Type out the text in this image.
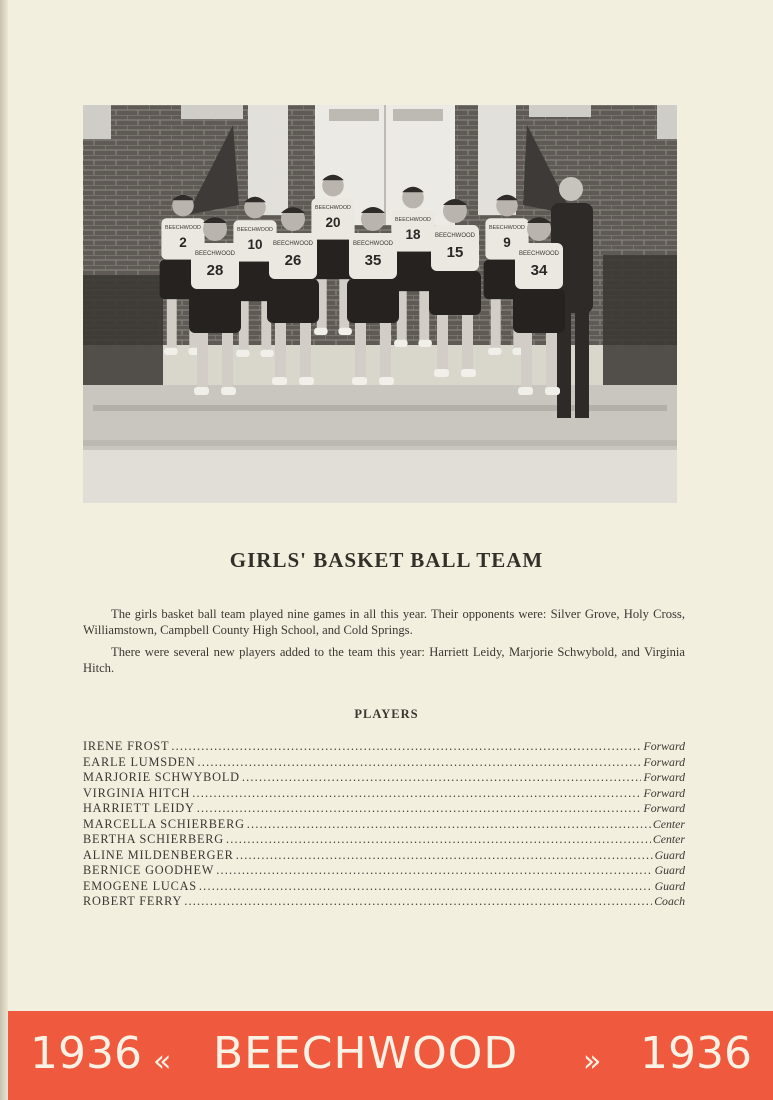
BEECHWOOD
2
BEECHWOOD
10
BEECHWOOD
20	BEECHWOOD
18	BEECHWOOD
9
BEECHWOOD
28
BEECHWOOD
26
BEECHWOOD
35
BEECHWOOD
15	BEECHWOOD
34
GIRLS' BASKET BALL TEAM

The girls basket ball team played nine games in all this year. Their opponents were: Silver Grove, Holy Cross, Williamstown, Campbell County High School, and Cold Springs.

There were several new players added to the team this year: Harriett Leidy, Marjorie Schwybold, and Virginia Hitch.

PLAYERS
IRENE FROST .....	Forward
EARLE LUMSDEN .....	Forward
MARJORIE SCHWYBOLD .....	Forward
VIRGINIA HITCH .....	Forward
HARRIETT LEIDY .....	Forward
MARCELLA SCHIERBERG .....	Center
BERTHA SCHIERBERG .....	Center
ALINE MILDENBERGER .....	Guard
BERNICE GOODHEW .....	Guard
EMOGENE LUCAS .....	Guard
ROBERT FERRY .....	Coach
1936 « BEECHWOOD » 1936
